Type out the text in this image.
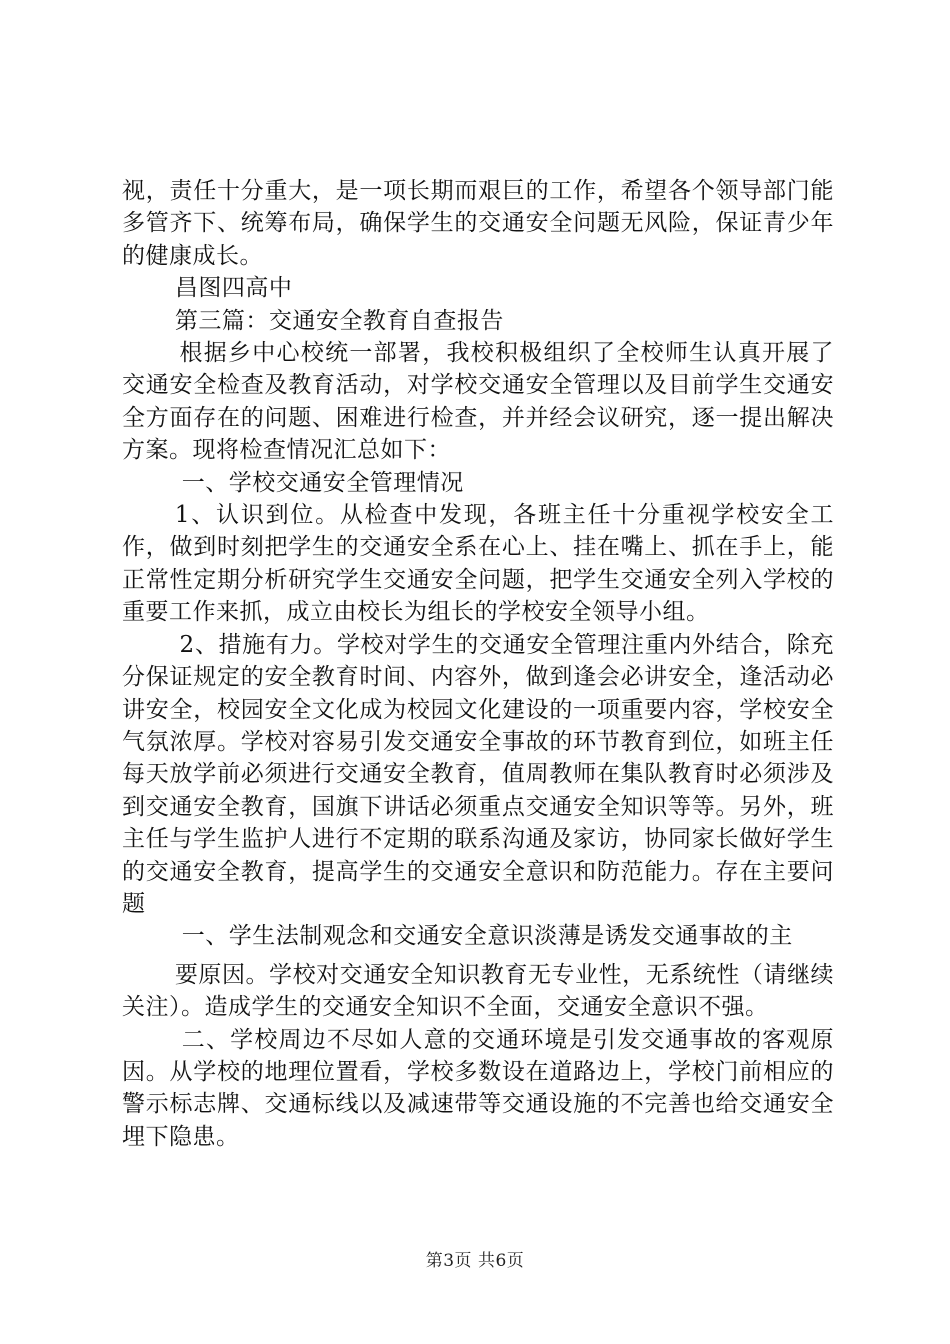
视，责任十分重大，是一项长期而艰巨的工作，希望各个领导部门能多管齐下、统筹布局，确保学生的交通安全问题无风险，保证青少年的健康成长。

昌图四高中

第三篇：交通安全教育自查报告

根据乡中心校统一部署，我校积极组织了全校师生认真开展了交通安全检查及教育活动，对学校交通安全管理以及目前学生交通安全方面存在的问题、困难进行检查，并并经会议研究，逐一提出解决方案。现将检查情况汇总如下：

一、学校交通安全管理情况

1、认识到位。从检查中发现，各班主任十分重视学校安全工作，做到时刻把学生的交通安全系在心上、挂在嘴上、抓在手上，能正常性定期分析研究学生交通安全问题，把学生交通安全列入学校的重要工作来抓，成立由校长为组长的学校安全领导小组。

2、措施有力。学校对学生的交通安全管理注重内外结合，除充分保证规定的安全教育时间、内容外，做到逢会必讲安全，逢活动必讲安全，校园安全文化成为校园文化建设的一项重要内容，学校安全气氛浓厚。学校对容易引发交通安全事故的环节教育到位，如班主任每天放学前必须进行交通安全教育，值周教师在集队教育时必须涉及到交通安全教育，国旗下讲话必须重点交通安全知识等等。另外，班主任与学生监护人进行不定期的联系沟通及家访，协同家长做好学生的交通安全教育，提高学生的交通安全意识和防范能力。存在主要问题

一、学生法制观念和交通安全意识淡薄是诱发交通事故的主

要原因。学校对交通安全知识教育无专业性，无系统性（请继续关注）。造成学生的交通安全知识不全面，交通安全意识不强。

二、学校周边不尽如人意的交通环境是引发交通事故的客观原因。从学校的地理位置看，学校多数设在道路边上，学校门前相应的警示标志牌、交通标线以及减速带等交通设施的不完善也给交通安全埋下隐患。

第3页 共6页
